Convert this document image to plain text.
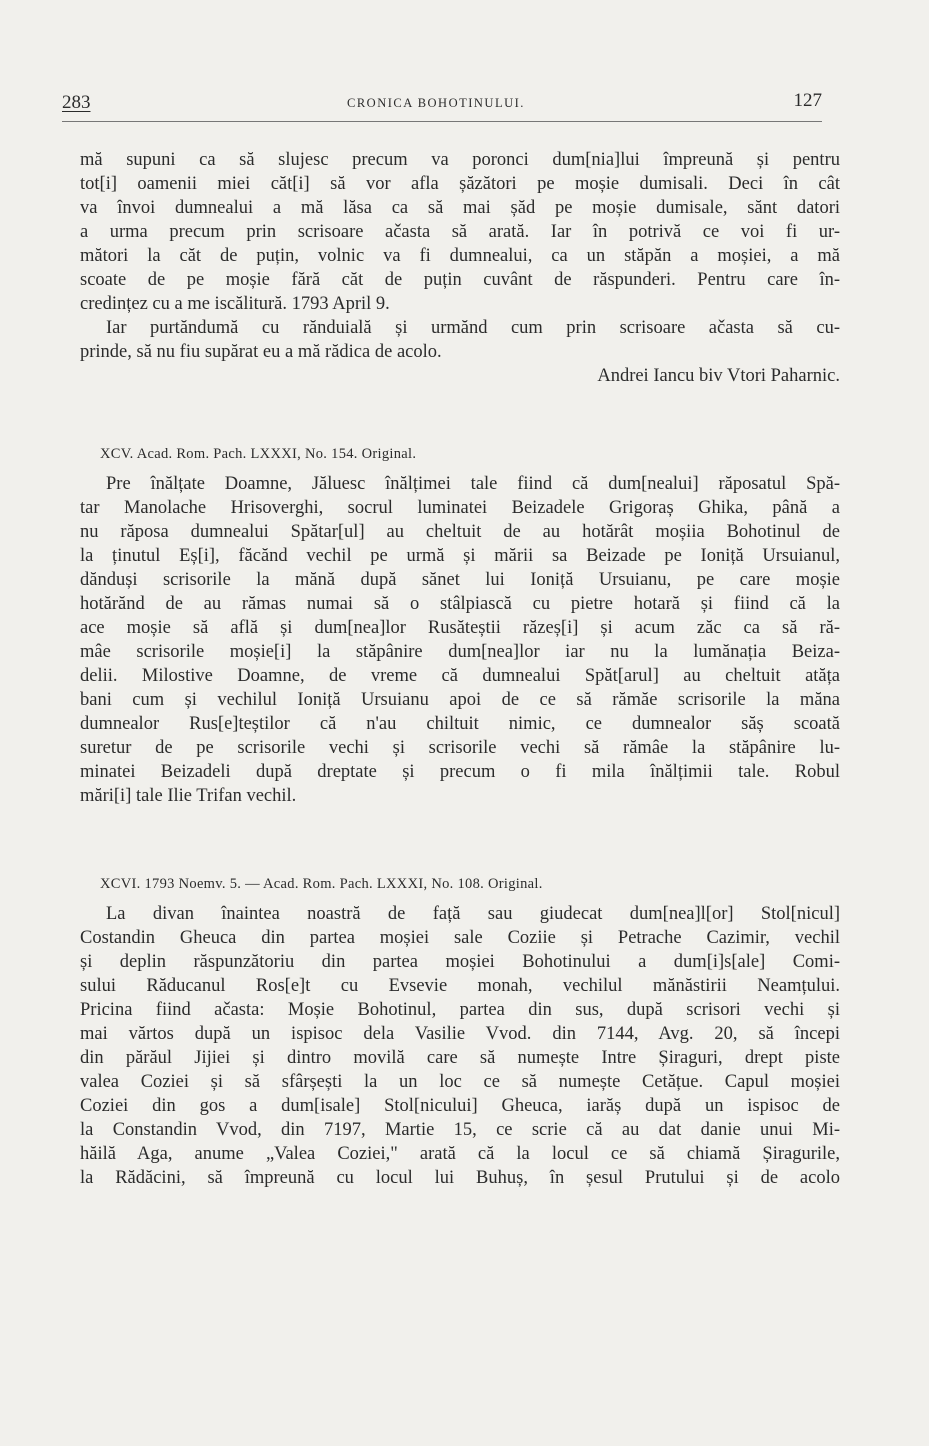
283	CRONICA BOHOTINULUI.	127
mă supuni ca să slujesc precum va poronci dum[nia]lui împreună și pentru
tot[i] oamenii miei căt[i] să vor afla șăzători pe moșie dumisali. Deci în cât
va învoi dumnealui a mă lăsa ca să mai șăd pe moșie dumisale, sănt datori
a urma precum prin scrisoare ačasta să arată. Iar în potrivă ce voi fi ur-
mători la căt de puțin, volnic va fi dumnealui, ca un stăpăn a moșiei, a mă
scoate de pe moșie fără căt de puțin cuvânt de răspunderi. Pentru care în-
credințez cu a me iscălitură. 1793 April 9.
Iar purtăndumă cu rănduială și urmănd cum prin scrisoare ačasta să cu-
prinde, să nu fiu supărat eu a mă rădica de acolo.
Andrei Iancu biv Vtori Paharnic.
XCV. Acad. Rom. Pach. LXXXI, No. 154. Original.
Pre înălțate Doamne, Jăluesc înălțimei tale fiind că dum[nealui] răposatul Spă-
tar Manolache Hrisoverghi, socrul luminatei Beizadele Grigoraș Ghika, până a
nu răposa dumnealui Spătar[ul] au cheltuit de au hotărât moșiia Bohotinul de
la ținutul Eș[i], făcănd vechil pe urmă și mării sa Beizade pe Ioniță Ursuianul,
dănduși scrisorile la mănă după sănet lui Ioniță Ursuianu, pe care moșie
hotărănd de au rămas numai să o stâlpiască cu pietre hotară și fiind că la
ace moșie să află și dum[nea]lor Rusăteștii răzeș[i] și acum zăc ca să ră-
mâe scrisorile moșie[i] la stăpânire dum[nea]lor iar nu la lumănația Beiza-
delii. Milostive Doamne, de vreme că dumnealui Spăt[arul] au cheltuit atăța
bani cum și vechilul Ioniță Ursuianu apoi de ce să rămăe scrisorile la măna
dumnealor Rus[e]teștilor că n'au chiltuit nimic, ce dumnealor săș scoată
suretur de pe scrisorile vechi și scrisorile vechi să rămâe la stăpânire lu-
minatei Beizadeli după dreptate și precum o fi mila înălțimii tale. Robul
mări[i] tale Ilie Trifan vechil.
XCVI. 1793 Noemv. 5. — Acad. Rom. Pach. LXXXI, No. 108. Original.
La divan înaintea noastră de față sau giudecat dum[nea]l[or] Stol[nicul]
Costandin Gheuca din partea moșiei sale Coziie și Petrache Cazimir, vechil
și deplin răspunzătoriu din partea moșiei Bohotinului a dum[i]s[ale] Comi-
sului Răducanul Ros[e]t cu Evsevie monah, vechilul mănăstirii Neamțului.
Pricina fiind ačasta: Moșie Bohotinul, partea din sus, după scrisori vechi și
mai vărtos după un ispisoc dela Vasilie Vvod. din 7144, Avg. 20, să începi
din părăul Jijiei și dintro movilă care să numește Intre Șiraguri, drept piste
valea Coziei și să sfârșești la un loc ce să numește Cetățue. Capul moșiei
Coziei din gos a dum[isale] Stol[nicului] Gheuca, iarăș după un ispisoc de
la Constandin Vvod, din 7197, Martie 15, ce scrie că au dat danie unui Mi-
hăilă Aga, anume „Valea Coziei," arată că la locul ce să chiamă Șiragurile,
la Rădăcini, să împreună cu locul lui Buhuș, în șesul Prutului și de acolo
